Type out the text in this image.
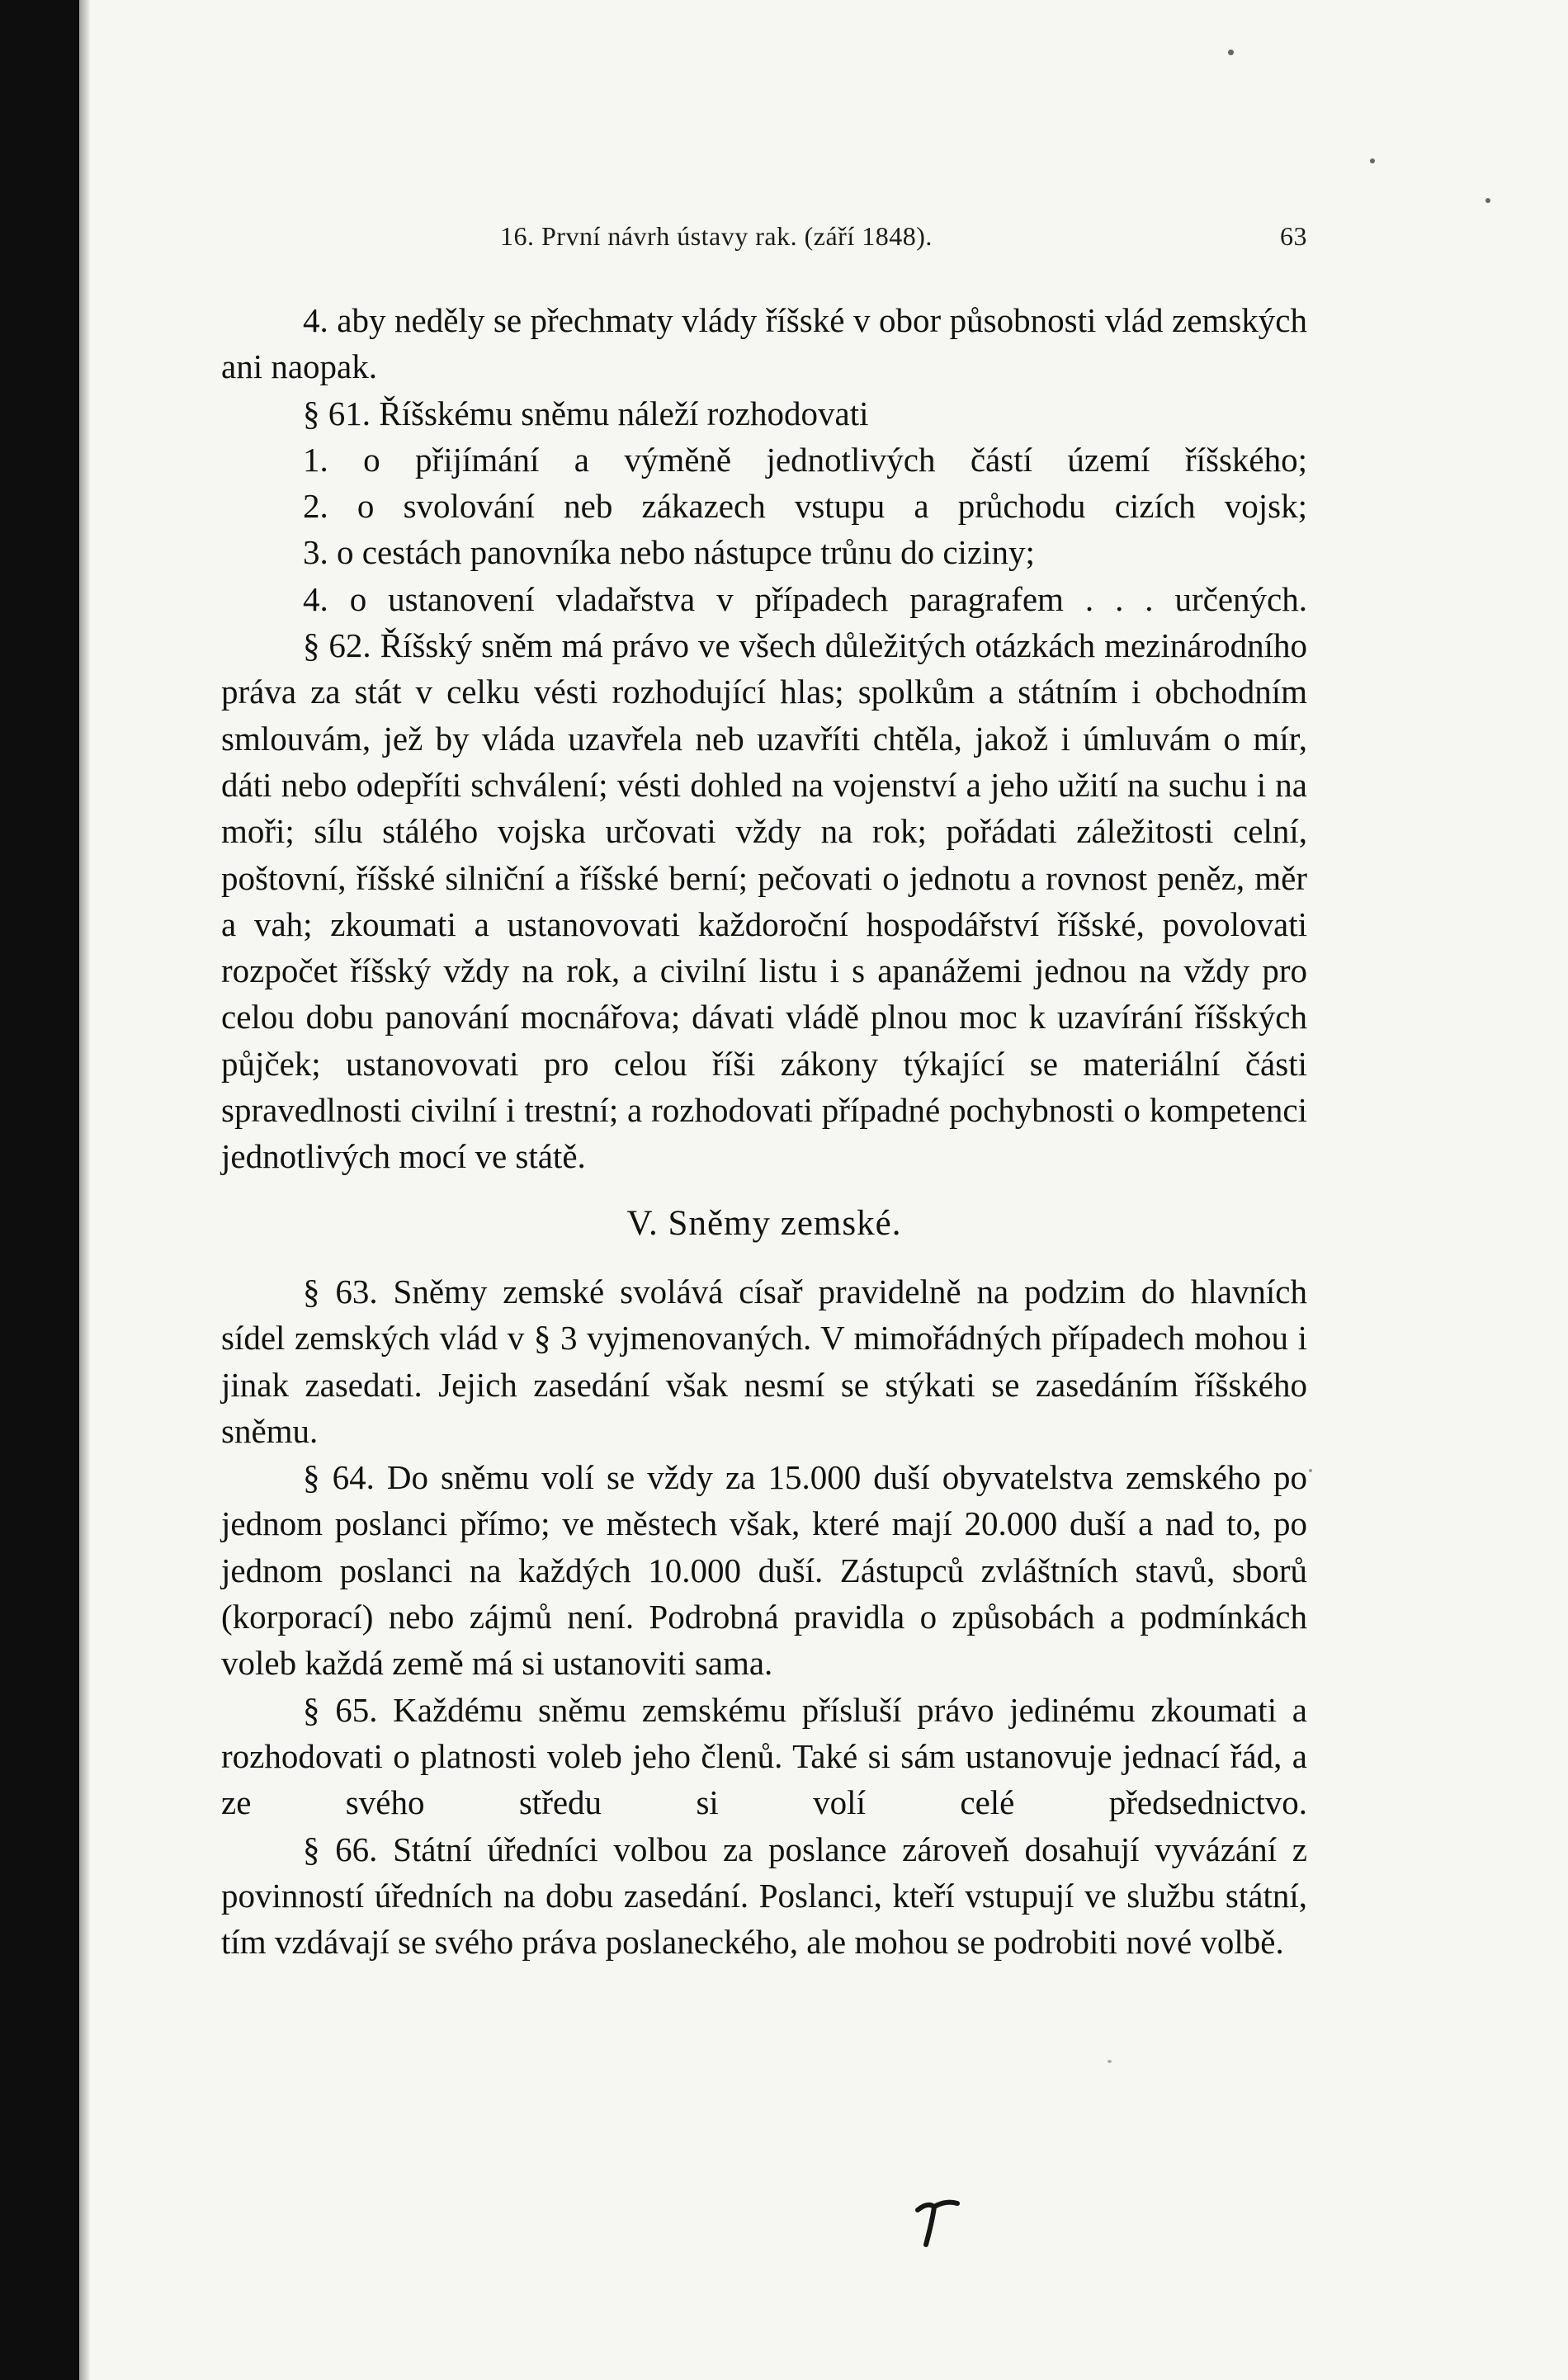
16. První návrh ústavy rak. (září 1848).	63

4. aby neděly se přechmaty vlády říšské v obor působnosti vlád zemských ani naopak.

§ 61. Říšskému sněmu náleží rozhodovati

1. o přijímání a výměně jednotlivých částí území říšského;

2. o svolování neb zákazech vstupu a průchodu cizích vojsk;

3. o cestách panovníka nebo nástupce trůnu do ciziny;

4. o ustanovení vladařstva v případech paragrafem . . . určených.

§ 62. Říšský sněm má právo ve všech důležitých otázkách mezinárodního práva za stát v celku vésti rozhodující hlas; spolkům a státním i obchodním smlouvám, jež by vláda uzavřela neb uzavříti chtěla, jakož i úmluvám o mír, dáti nebo odepříti schválení; vésti dohled na vojenství a jeho užití na suchu i na moři; sílu stálého vojska určovati vždy na rok; pořádati záležitosti celní, poštovní, říšské silniční a říšské berní; pečovati o jednotu a rovnost peněz, měr a vah; zkoumati a ustanovovati každoroční hospodářství říšské, povolovati rozpočet říšský vždy na rok, a civilní listu i s apanážemi jednou na vždy pro celou dobu panování mocnářova; dávati vládě plnou moc k uzavírání říšských půjček; ustanovovati pro celou říši zákony týkající se materiální části spravedlnosti civilní i trestní; a rozhodovati případné pochybnosti o kompetenci jednotlivých mocí ve státě.

V. Sněmy zemské.

§ 63. Sněmy zemské svolává císař pravidelně na podzim do hlavních sídel zemských vlád v § 3 vyjmenovaných. V mimořádných případech mohou i jinak zasedati. Jejich zasedání však nesmí se stýkati se zasedáním říšského sněmu.

§ 64. Do sněmu volí se vždy za 15.000 duší obyvatelstva zemského po jednom poslanci přímo; ve městech však, které mají 20.000 duší a nad to, po jednom poslanci na každých 10.000 duší. Zástupců zvláštních stavů, sborů (korporací) nebo zájmů není. Podrobná pravidla o způsobách a podmínkách voleb každá země má si ustanoviti sama.

§ 65. Každému sněmu zemskému přísluší právo jedinému zkoumati a rozhodovati o platnosti voleb jeho členů. Také si sám ustanovuje jednací řád, a ze svého středu si volí celé předsednictvo.

§ 66. Státní úředníci volbou za poslance zároveň dosahují vyvázání z povinností úředních na dobu zasedání. Poslanci, kteří vstupují ve službu státní, tím vzdávají se svého práva poslaneckého, ale mohou se podrobiti nové volbě.
